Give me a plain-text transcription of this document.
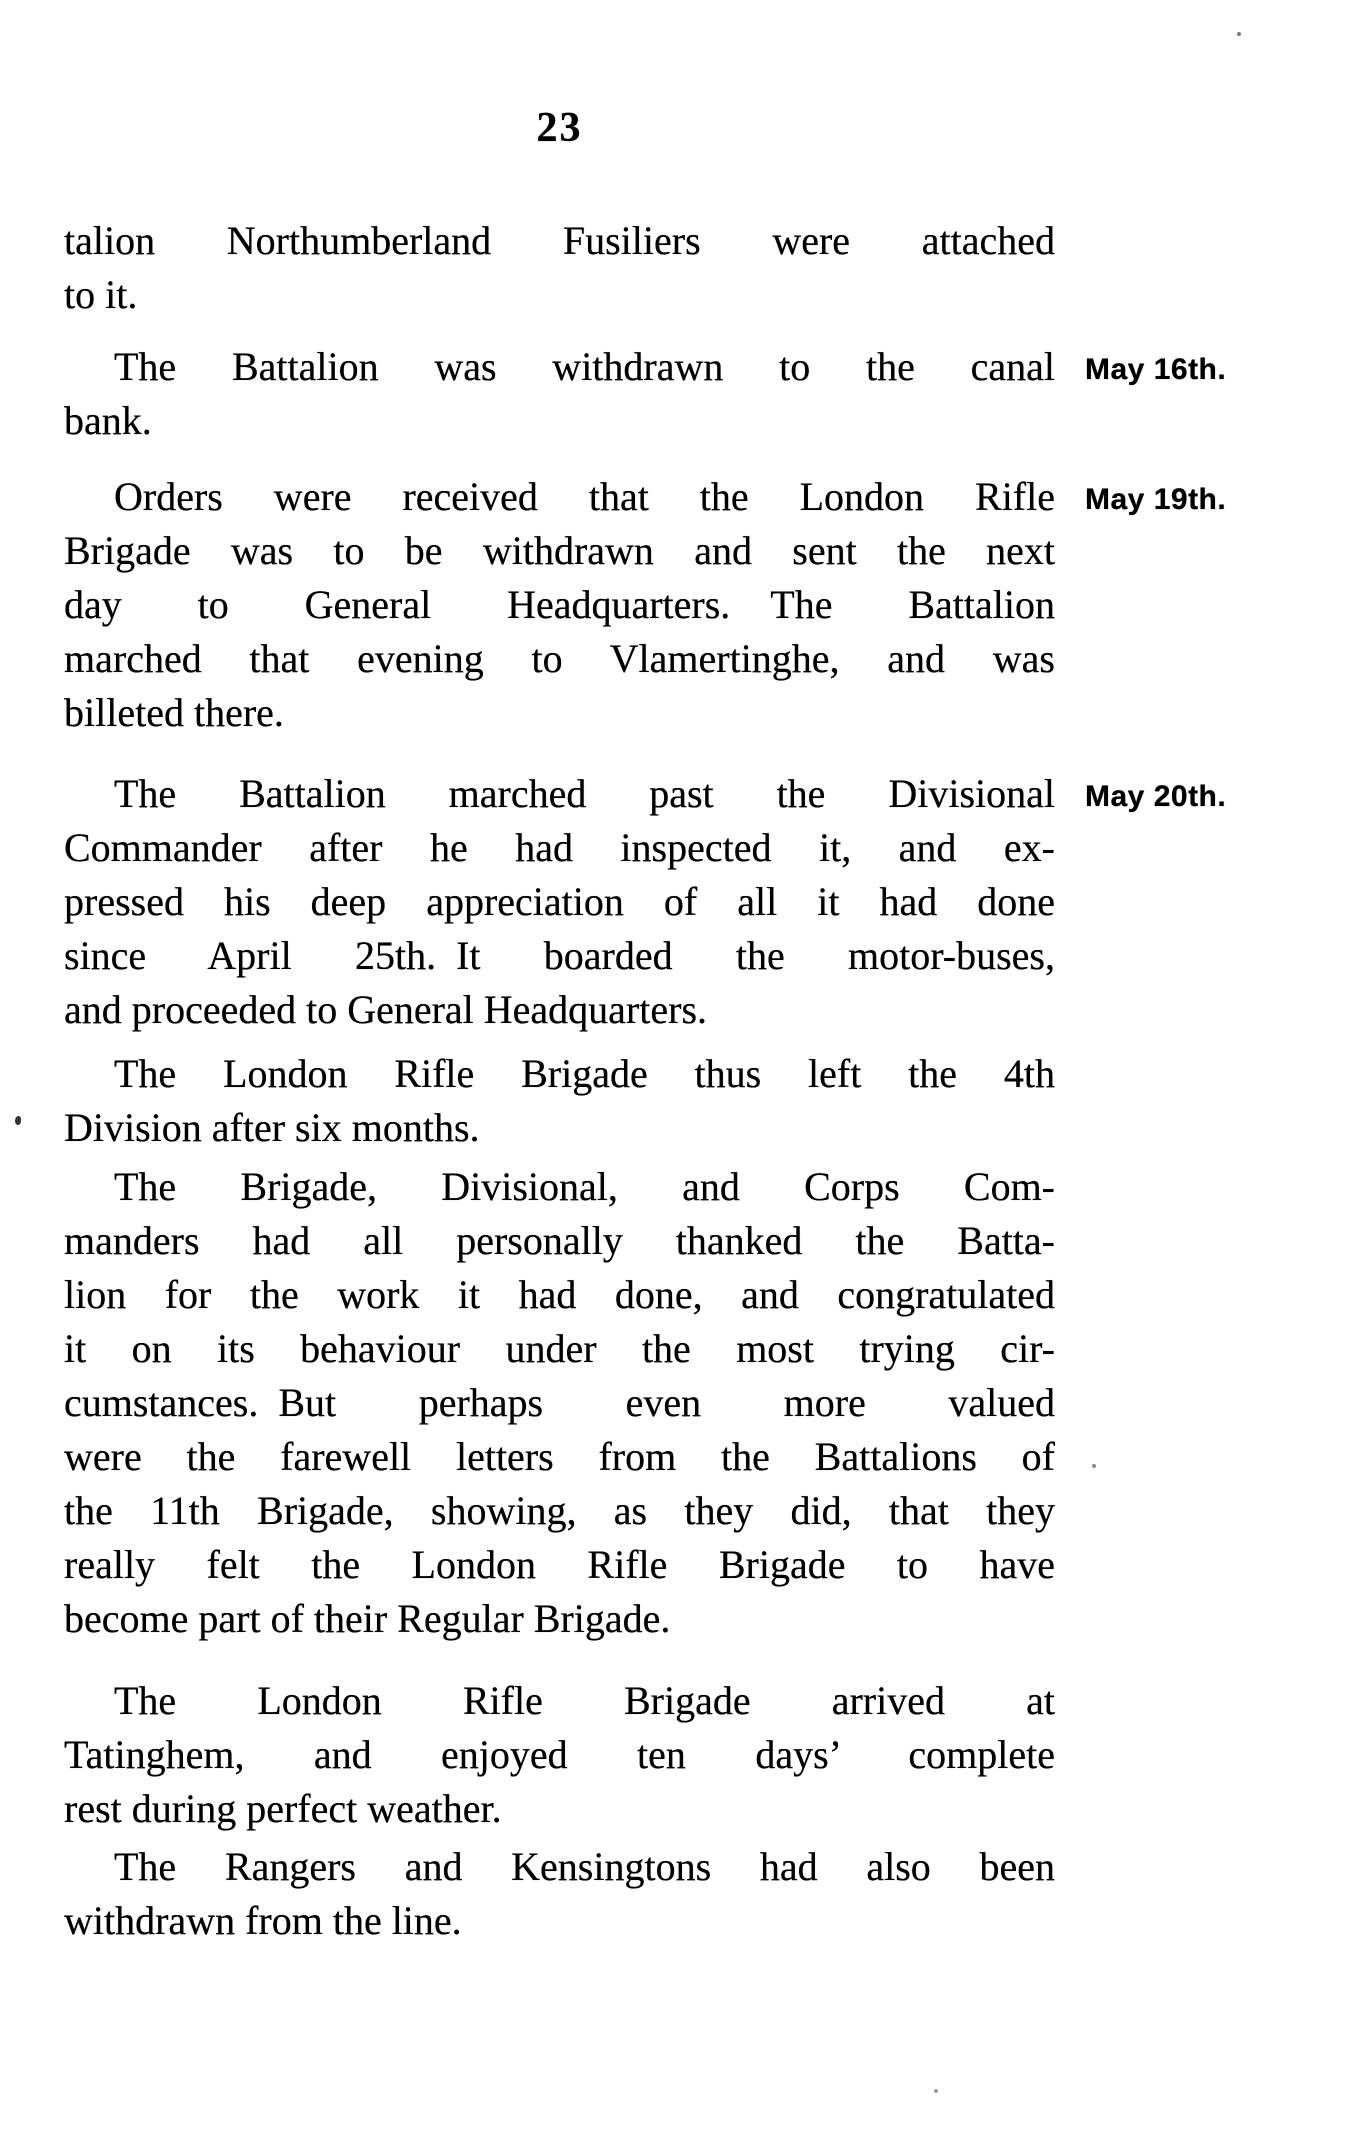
23
talion Northumberland Fusiliers were attached
to it.
May 16th.
The Battalion was withdrawn to the canal
bank.
May 19th.
Orders were received that the London Rifle
Brigade was to be withdrawn and sent the next
day to General Headquarters. The Battalion
marched that evening to Vlamertinghe, and was
billeted there.
May 20th.
The Battalion marched past the Divisional
Commander after he had inspected it, and ex-
pressed his deep appreciation of all it had done
since April 25th. It boarded the motor-buses,
and proceeded to General Headquarters.
The London Rifle Brigade thus left the 4th
Division after six months.
The Brigade, Divisional, and Corps Com-
manders had all personally thanked the Batta-
lion for the work it had done, and congratulated
it on its behaviour under the most trying cir-
cumstances. But perhaps even more valued
were the farewell letters from the Battalions of
the 11th Brigade, showing, as they did, that they
really felt the London Rifle Brigade to have
become part of their Regular Brigade.
The London Rifle Brigade arrived at
Tatinghem, and enjoyed ten days’ complete
rest during perfect weather.
The Rangers and Kensingtons had also been
withdrawn from the line.
